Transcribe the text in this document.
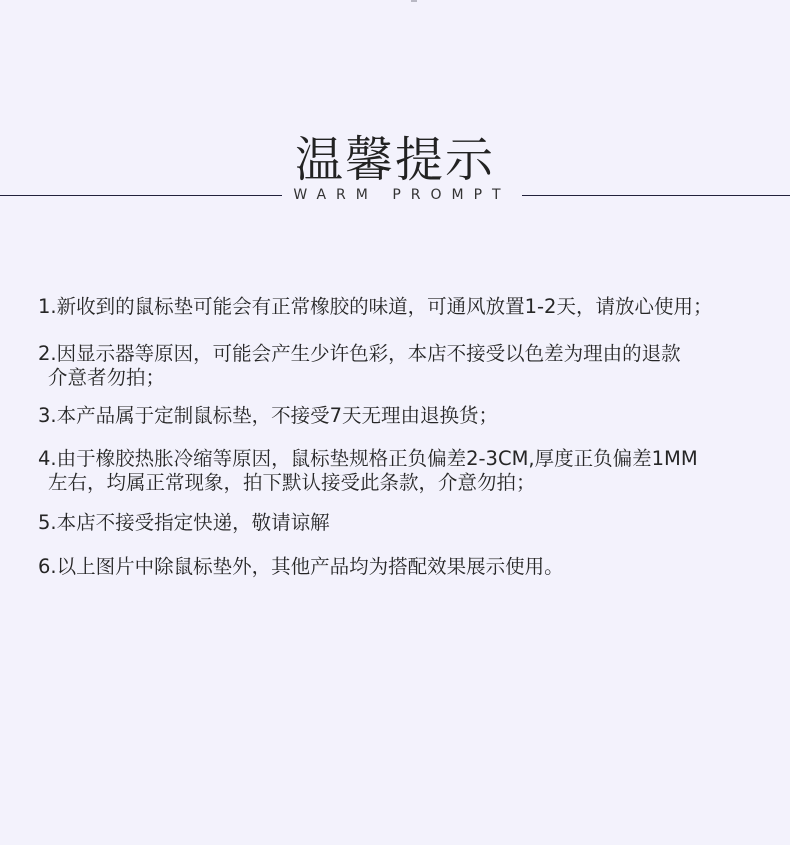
温馨提示
WARM PROMPT
1.新收到的鼠标垫可能会有正常橡胶的味道，可通风放置1-2天，请放心使用；
2.因显示器等原因，可能会产生少许色彩，本店不接受以色差为理由的退款
介意者勿拍；
3.本产品属于定制鼠标垫，不接受7天无理由退换货；
4.由于橡胶热胀冷缩等原因，鼠标垫规格正负偏差2-3CM,厚度正负偏差1MM
左右，均属正常现象，拍下默认接受此条款，介意勿拍；
5.本店不接受指定快递，敬请谅解
6.以上图片中除鼠标垫外，其他产品均为搭配效果展示使用。
